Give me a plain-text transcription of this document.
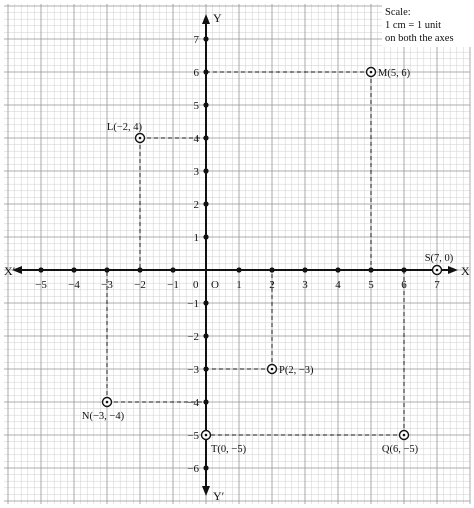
X
X′
Y
Y′
−5 −4 −3 −2 −1	1	2	3	4	5	6	7
−6
−5
−4
−3
−2
−1
1
2
3
4
5
6
7
O
0
M(5, 6)
L(−2, 4)
N(−3, −4)
P(2, −3)
Q(6, −5)
S(7, 0)
T(0, −5)
Scale:
1 cm = 1 unit
on both the axes
